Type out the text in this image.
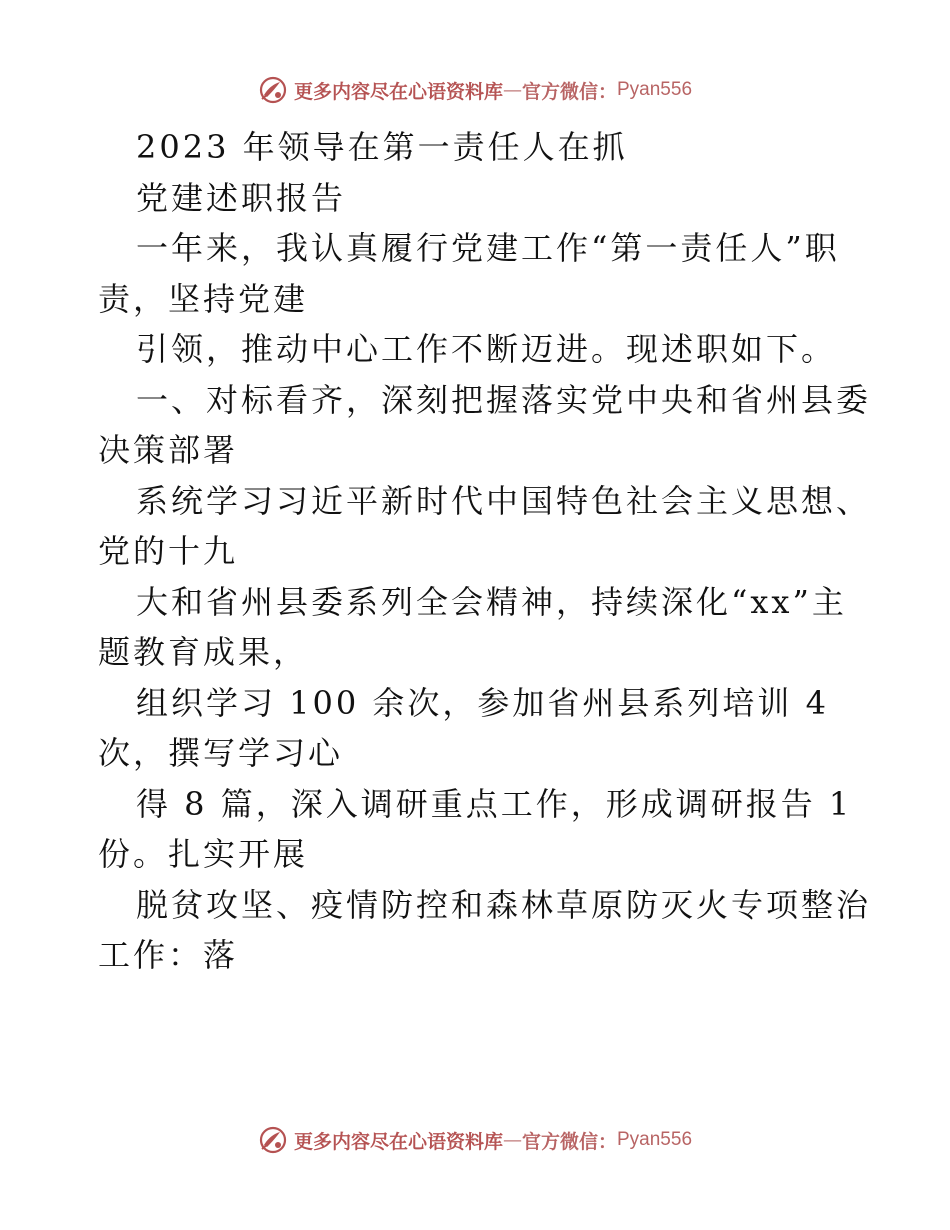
更多内容尽在心语资料库 — 官方微信： Pyan556
2023 年领导在第一责任人在抓
党建述职报告
一年来，我认真履行党建工作“第一责任人”职
责，坚持党建
引领，推动中心工作不断迈进。现述职如下。
一、对标看齐，深刻把握落实党中央和省州县委
决策部署
系统学习习近平新时代中国特色社会主义思想、
党的十九
大和省州县委系列全会精神，持续深化“xx”主
题教育成果，
组织学习 100 余次，参加省州县系列培训 4
次，撰写学习心
得 8 篇，深入调研重点工作，形成调研报告 1
份。扎实开展
脱贫攻坚、疫情防控和森林草原防灭火专项整治
工作：落
更多内容尽在心语资料库 — 官方微信： Pyan556
